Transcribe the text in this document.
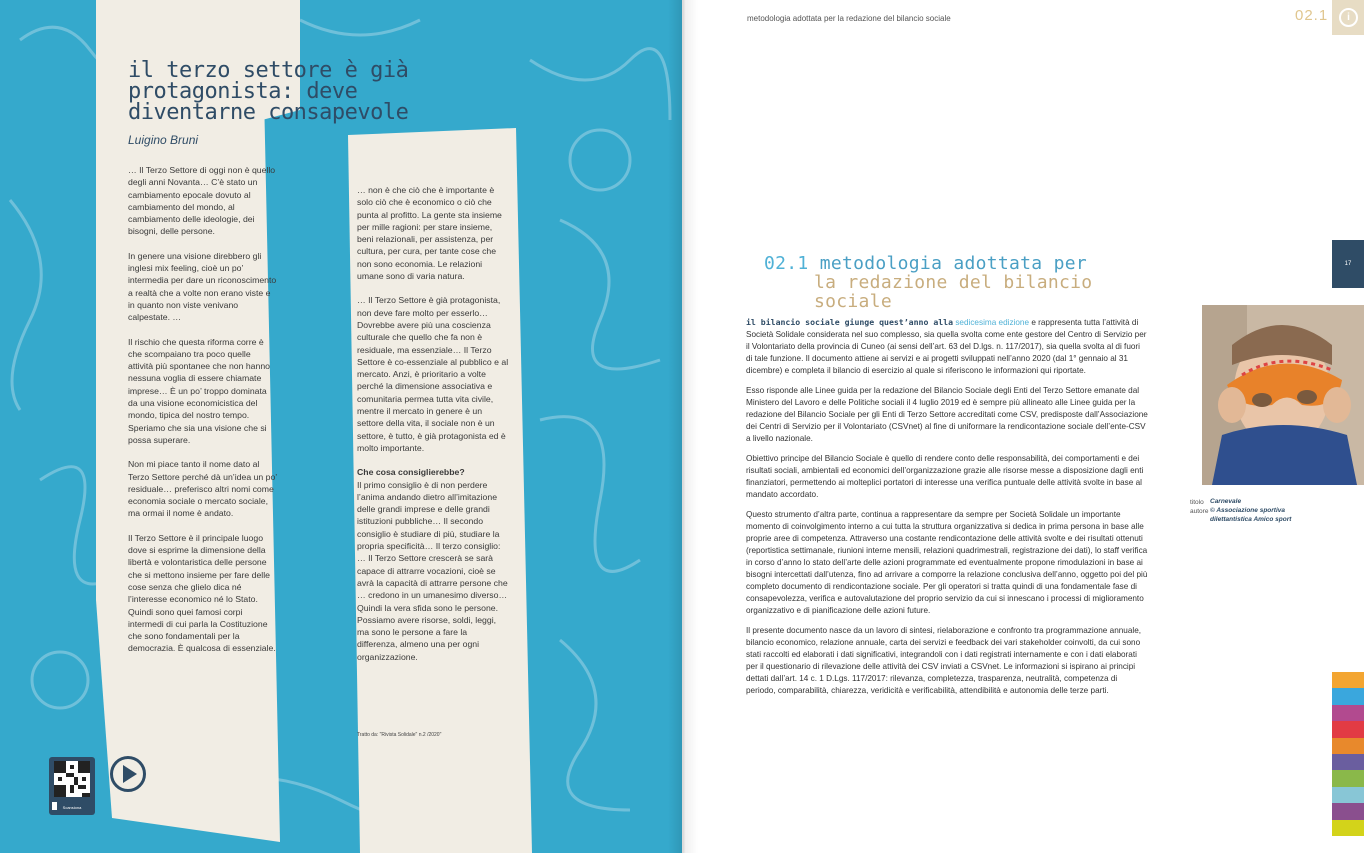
il terzo settore è già protagonista: deve diventarne consapevole
Luigino Bruni

… Il Terzo Settore di oggi non è quello degli anni Novanta… C’è stato un cambiamento epocale dovuto al cambiamento del mondo, al cambiamento delle ideologie, dei bisogni, delle persone.

In genere una visione direbbero gli inglesi mix feeling, cioè un po’ intermedia per dare un riconoscimento a realtà che a volte non erano viste e in quanto non viste venivano calpestate. …

Il rischio che questa riforma corre è che scompaiano tra poco quelle attività più spontanee che non hanno nessuna voglia di essere chiamate imprese… È un po’ troppo dominata da una visione economicistica del mondo, tipica del nostro tempo. Speriamo che sia una visione che si possa superare.

Non mi piace tanto il nome dato al Terzo Settore perché dà un’idea un po’ residuale… preferisco altri nomi come economia sociale o mercato sociale, ma ormai il nome è andato.

Il Terzo Settore è il principale luogo dove si esprime la dimensione della libertà e volontaristica delle persone che si mettono insieme per fare delle cose senza che glielo dica né l’interesse economico né lo Stato. Quindi sono quei famosi corpi intermedi di cui parla la Costituzione che sono fondamentali per la democrazia. È qualcosa di essenziale.

… non è che ciò che è importante è solo ciò che è economico o ciò che punta al profitto. La gente sta insieme per mille ragioni: per stare insieme, beni relazionali, per assistenza, per cultura, per cura, per tante cose che non sono economia. Le relazioni umane sono di varia natura.

… Il Terzo Settore è già protagonista, non deve fare molto per esserlo… Dovrebbe avere più una coscienza culturale che quello che fa non è residuale, ma essenziale… Il Terzo Settore è co-essenziale al pubblico e al mercato. Anzi, è prioritario a volte perché la dimensione associativa e comunitaria permea tutta vita civile, mentre il mercato in genere è un settore della vita, il sociale non è un settore, è tutto, è già protagonista ed è molto importante.

Che cosa consiglierebbe?

Il primo consiglio è di non perdere l’anima andando dietro all’imitazione delle grandi imprese e delle grandi istituzioni pubbliche… Il secondo consiglio è studiare di più, studiare la propria specificità… Il terzo consiglio: … Il Terzo Settore crescerà se sarà capace di attrarre vocazioni, cioè se avrà la capacità di attrarre persone che … credono in un umanesimo diverso… Quindi la vera sfida sono le persone. Possiamo avere risorse, soldi, leggi, ma sono le persone a fare la differenza, almeno una per ogni organizzazione.

Tratto da: "Rivista Solidale" n.2 /2020"
Scansiona
metodologia adottata per la redazione del bilancio sociale	02.1	i
17
02.1 metodologia adottata per
la redazione del bilancio
sociale

il bilancio sociale giunge quest’anno alla sedicesima edizione e rappresenta tutta l’attività di Società Solidale considerata nel suo complesso, sia quella svolta come ente gestore del Centro di Servizio per il Volontariato della provincia di Cuneo (ai sensi dell’art. 63 del D.lgs. n. 117/2017), sia quella svolta al di fuori di tale funzione. Il documento attiene ai servizi e ai progetti sviluppati nell’anno 2020 (dal 1° gennaio al 31 dicembre) e completa il bilancio di esercizio al quale si riferiscono le informazioni qui riportate.

Esso risponde alle Linee guida per la redazione del Bilancio Sociale degli Enti del Terzo Settore emanate dal Ministero del Lavoro e delle Politiche sociali il 4 luglio 2019 ed è sempre più allineato alle Linee guida per la redazione del Bilancio Sociale per gli Enti di Terzo Settore accreditati come CSV, predisposte dall’Associazione dei Centri di Servizio per il Volontariato (CSVnet) al fine di uniformare la rendicontazione sociale dell’ente-CSV a livello nazionale.

Obiettivo principe del Bilancio Sociale è quello di rendere conto delle responsabilità, dei comportamenti e dei risultati sociali, ambientali ed economici dell’organizzazione grazie alle risorse messe a disposizione dagli enti finanziatori, permettendo ai molteplici portatori di interesse una verifica puntuale delle attività svolte in base al mandato accordato.

Questo strumento d’altra parte, continua a rappresentare da sempre per Società Solidale un importante momento di coinvolgimento interno a cui tutta la struttura organizzativa si dedica in prima persona in base alle proprie aree di competenza. Attraverso una costante rendicontazione delle attività svolte e dei risultati ottenuti (reportistica settimanale, riunioni interne mensili, relazioni quadrimestrali, registrazione dei dati), lo staff verifica in corso d’anno lo stato dell’arte delle azioni programmate ed eventualmente propone rimodulazioni in base ai bisogni intercettati dall’utenza, fino ad arrivare a comporre la relazione conclusiva dell’anno, oggetto poi del più completo documento di rendicontazione sociale. Per gli operatori si tratta quindi di una fondamentale fase di consapevolezza, verifica e autovalutazione del proprio servizio da cui si innescano i processi di miglioramento organizzativo e di pianificazione delle azioni future.

Il presente documento nasce da un lavoro di sintesi, rielaborazione e confronto tra programmazione annuale, bilancio economico, relazione annuale, carta dei servizi e feedback dei vari stakeholder coinvolti, da cui sono stati raccolti ed elaborati i dati significativi, integrandoli con i dati registrati internamente e con i dati elaborati per il questionario di rilevazione delle attività dei CSV inviati a CSVnet. Le informazioni si ispirano ai principi dettati dall’art. 14 c. 1 D.Lgs. 117/2017: rilevanza, completezza, trasparenza, neutralità, competenza di periodo, comparabilità, chiarezza, veridicità e verificabilità, attendibilità e autonomia delle terze parti.

titolo
autore
Carnevale
© Associazione sportiva dilettantistica Amico sport
